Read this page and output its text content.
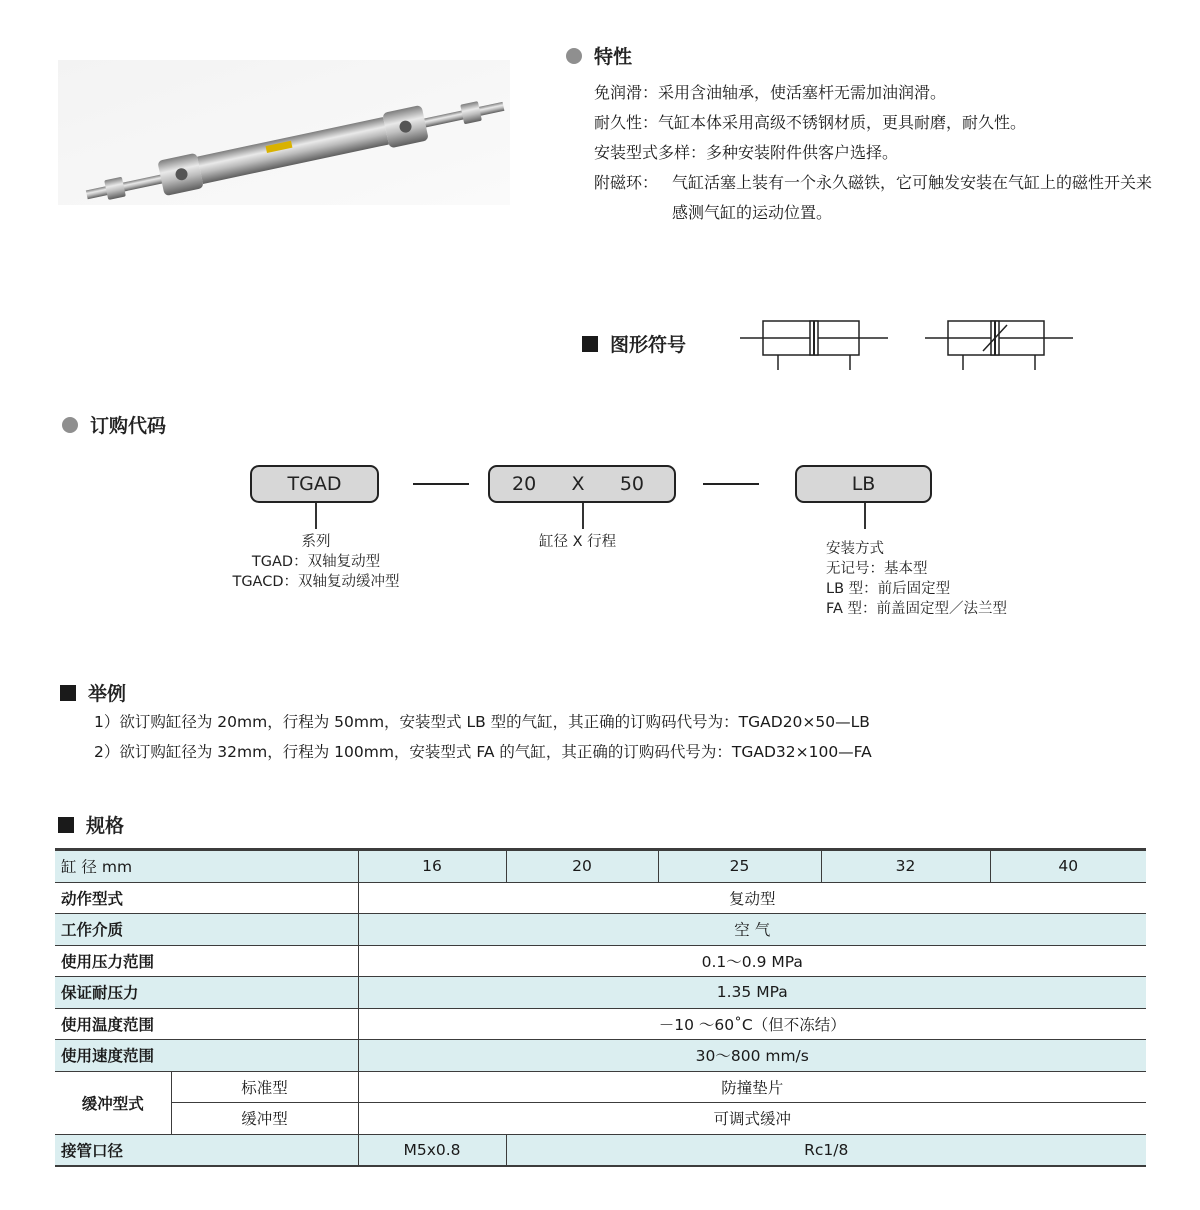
特性
免润滑： 采用含油轴承，使活塞杆无需加油润滑。
耐久性： 气缸本体采用高级不锈钢材质，更具耐磨，耐久性。
安装型式多样： 多种安装附件供客户选择。
附磁环： 气缸活塞上装有一个永久磁铁，它可触发安装在气缸上的磁性开关来感测气缸的运动位置。
图形符号
订购代码
TGAD	20 X 50	LB
系列
TGAD：双轴复动型
TGACD：双轴复动缓冲型
缸径 X 行程	安装方式
无记号：基本型
LB 型：前后固定型
FA 型：前盖固定型／法兰型
举例
1）欲订购缸径为 20mm，行程为 50mm，安装型式 LB 型的气缸，其正确的订购码代号为：TGAD20×50—LB
2）欲订购缸径为 32mm，行程为 100mm，安装型式 FA 的气缸，其正确的订购码代号为：TGAD32×100—FA
规格
缸 径 mm		16	20	25	32	40
动作型式		复动型				
工作介质		空 气				
使用压力范围		0.1～0.9 MPa				
保证耐压力		1.35 MPa				
使用温度范围		－10 ～60˚C（但不冻结）				
使用速度范围		30～800 mm/s				
缓冲型式	标准型	防撞垫片				
	缓冲型	可调式缓冲				
接管口径		M5x0.8	Rc1/8			
